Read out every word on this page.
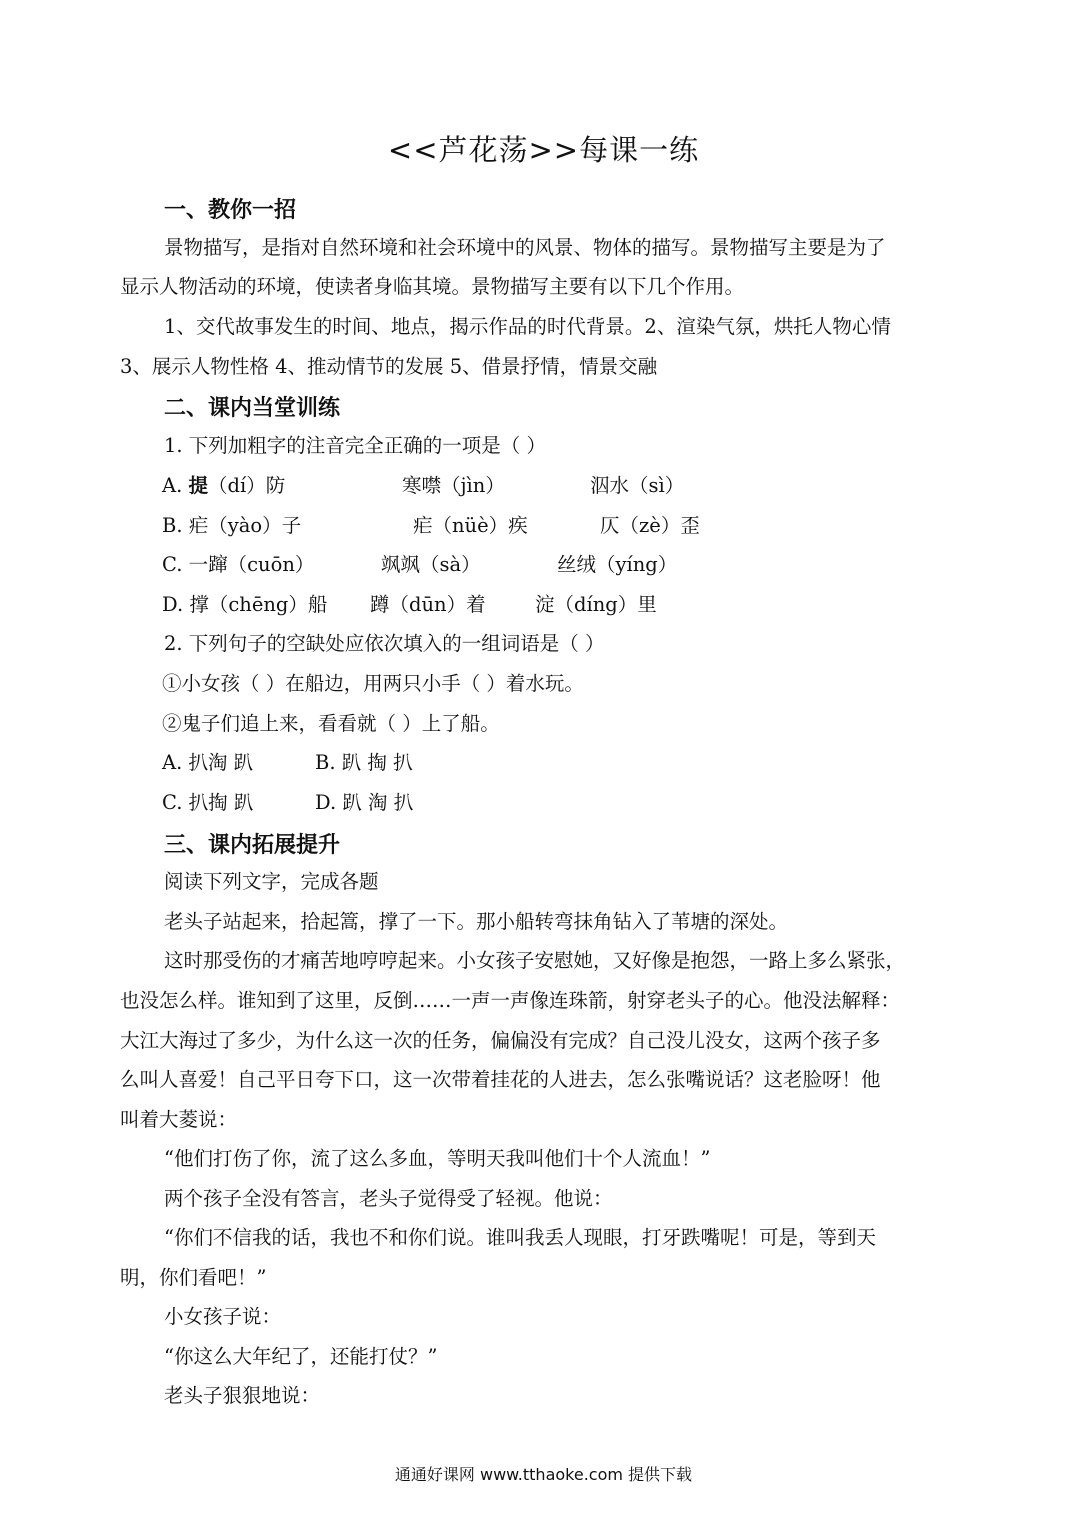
<<芦花荡>>每课一练
一、教你一招
景物描写，是指对自然环境和社会环境中的风景、物体的描写。景物描写主要是为了
显示人物活动的环境，使读者身临其境。景物描写主要有以下几个作用。
1、交代故事发生的时间、地点，揭示作品的时代背景。2、渲染气氛，烘托人物心情
3、展示人物性格 4、推动情节的发展 5、借景抒情，情景交融
二、课内当堂训练
1. 下列加粗字的注音完全正确的一项是（ ）
A. 提（dí）防	寒噤（jìn）	泅水（sì）
B. 疟（yào）子	疟（nüè）疾	仄（zè）歪
C. 一蹿（cuōn）	飒飒（sà）	丝绒（yíng）
D. 撑（chēng）船 蹲（dūn）着	淀（díng）里
2. 下列句子的空缺处应依次填入的一组词语是（ ）
①小女孩（ ）在船边，用两只小手（ ）着水玩。
②鬼子们追上来，看看就（ ）上了船。
A. 扒淘 趴	B. 趴 掏 扒
C. 扒掏 趴	D. 趴 淘 扒
三、课内拓展提升
阅读下列文字，完成各题
老头子站起来，拾起篙，撑了一下。那小船转弯抹角钻入了苇塘的深处。
这时那受伤的才痛苦地哼哼起来。小女孩子安慰她，又好像是抱怨，一路上多么紧张，
也没怎么样。谁知到了这里，反倒……一声一声像连珠箭，射穿老头子的心。他没法解释：
大江大海过了多少，为什么这一次的任务，偏偏没有完成？自己没儿没女，这两个孩子多
么叫人喜爱！自己平日夸下口，这一次带着挂花的人进去，怎么张嘴说话？这老脸呀！他
叫着大菱说：
“他们打伤了你，流了这么多血，等明天我叫他们十个人流血！”
两个孩子全没有答言，老头子觉得受了轻视。他说：
“你们不信我的话，我也不和你们说。谁叫我丢人现眼，打牙跌嘴呢！可是，等到天
明，你们看吧！”
小女孩子说：
“你这么大年纪了，还能打仗？”
老头子狠狠地说：
通通好课网 www.tthaoke.com 提供下载
